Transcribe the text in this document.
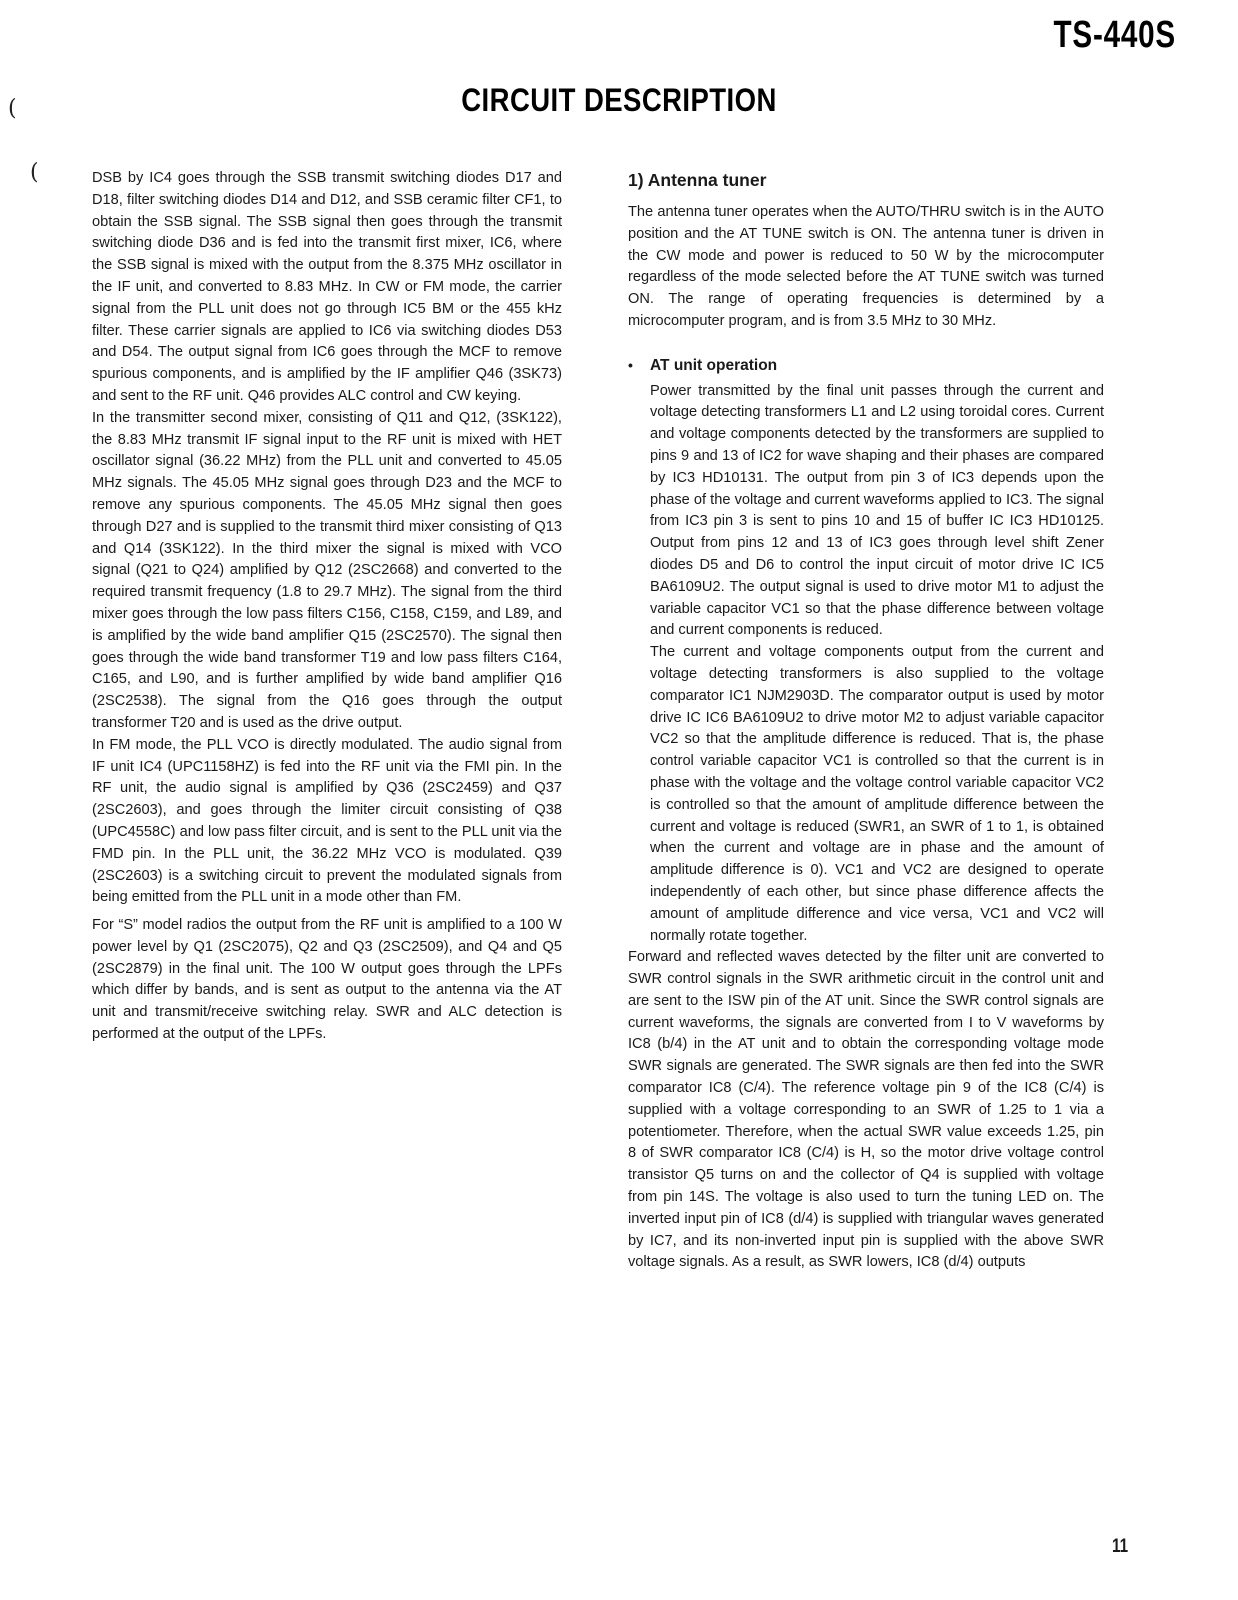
TS-440S
CIRCUIT DESCRIPTION
(
(	DSB by IC4 goes through the SSB transmit switching diodes D17 and D18, filter switching diodes D14 and D12, and SSB ceramic filter CF1, to obtain the SSB signal. The SSB signal then goes through the transmit switching diode D36 and is fed into the transmit first mixer, IC6, where the SSB signal is mixed with the output from the 8.375 MHz oscillator in the IF unit, and converted to 8.83 MHz. In CW or FM mode, the carrier signal from the PLL unit does not go through IC5 BM or the 455 kHz filter. These carrier signals are applied to IC6 via switching diodes D53 and D54. The output signal from IC6 goes through the MCF to remove spurious components, and is amplified by the IF amplifier Q46 (3SK73) and sent to the RF unit. Q46 provides ALC control and CW keying.

In the transmitter second mixer, consisting of Q11 and Q12, (3SK122), the 8.83 MHz transmit IF signal input to the RF unit is mixed with HET oscillator signal (36.22 MHz) from the PLL unit and converted to 45.05 MHz signals. The 45.05 MHz signal goes through D23 and the MCF to remove any spurious components. The 45.05 MHz signal then goes through D27 and is supplied to the transmit third mixer consisting of Q13 and Q14 (3SK122). In the third mixer the signal is mixed with VCO signal (Q21 to Q24) amplified by Q12 (2SC2668) and converted to the required transmit frequency (1.8 to 29.7 MHz). The signal from the third mixer goes through the low pass filters C156, C158, C159, and L89, and is amplified by the wide band amplifier Q15 (2SC2570). The signal then goes through the wide band transformer T19 and low pass filters C164, C165, and L90, and is further amplified by wide band amplifier Q16 (2SC2538). The signal from the Q16 goes through the output transformer T20 and is used as the drive output.

In FM mode, the PLL VCO is directly modulated. The audio signal from IF unit IC4 (UPC1158HZ) is fed into the RF unit via the FMI pin. In the RF unit, the audio signal is amplified by Q36 (2SC2459) and Q37 (2SC2603), and goes through the limiter circuit consisting of Q38 (UPC4558C) and low pass filter circuit, and is sent to the PLL unit via the FMD pin. In the PLL unit, the 36.22 MHz VCO is modulated. Q39 (2SC2603) is a switching circuit to prevent the modulated signals from being emitted from the PLL unit in a mode other than FM.

For “S” model radios the output from the RF unit is amplified to a 100 W power level by Q1 (2SC2075), Q2 and Q3 (2SC2509), and Q4 and Q5 (2SC2879) in the final unit. The 100 W output goes through the LPFs which differ by bands, and is sent as output to the antenna via the AT unit and transmit/receive switching relay. SWR and ALC detection is performed at the output of the LPFs.

1) Antenna tuner

The antenna tuner operates when the AUTO/THRU switch is in the AUTO position and the AT TUNE switch is ON. The antenna tuner is driven in the CW mode and power is reduced to 50 W by the microcomputer regardless of the mode selected before the AT TUNE switch was turned ON. The range of operating frequencies is determined by a microcomputer program, and is from 3.5 MHz to 30 MHz.

•	AT unit operation

Power transmitted by the final unit passes through the current and voltage detecting transformers L1 and L2 using toroidal cores. Current and voltage components detected by the transformers are supplied to pins 9 and 13 of IC2 for wave shaping and their phases are compared by IC3 HD10131. The output from pin 3 of IC3 depends upon the phase of the voltage and current waveforms applied to IC3. The signal from IC3 pin 3 is sent to pins 10 and 15 of buffer IC IC3 HD10125. Output from pins 12 and 13 of IC3 goes through level shift Zener diodes D5 and D6 to control the input circuit of motor drive IC IC5 BA6109U2. The output signal is used to drive motor M1 to adjust the variable capacitor VC1 so that the phase difference between voltage and current components is reduced.

The current and voltage components output from the current and voltage detecting transformers is also supplied to the voltage comparator IC1 NJM2903D. The comparator output is used by motor drive IC IC6 BA6109U2 to drive motor M2 to adjust variable capacitor VC2 so that the amplitude difference is reduced. That is, the phase control variable capacitor VC1 is controlled so that the current is in phase with the voltage and the voltage control variable capacitor VC2 is controlled so that the amount of amplitude difference between the current and voltage is reduced (SWR1, an SWR of 1 to 1, is obtained when the current and voltage are in phase and the amount of amplitude difference is 0). VC1 and VC2 are designed to operate independently of each other, but since phase difference affects the amount of amplitude difference and vice versa, VC1 and VC2 will normally rotate together.

Forward and reflected waves detected by the filter unit are converted to SWR control signals in the SWR arithmetic circuit in the control unit and are sent to the ISW pin of the AT unit. Since the SWR control signals are current waveforms, the signals are converted from I to V waveforms by IC8 (b/4) in the AT unit and to obtain the corresponding voltage mode SWR signals are generated. The SWR signals are then fed into the SWR comparator IC8 (C/4). The reference voltage pin 9 of the IC8 (C/4) is supplied with a voltage corresponding to an SWR of 1.25 to 1 via a potentiometer. Therefore, when the actual SWR value exceeds 1.25, pin 8 of SWR comparator IC8 (C/4) is H, so the motor drive voltage control transistor Q5 turns on and the collector of Q4 is supplied with voltage from pin 14S. The voltage is also used to turn the tuning LED on. The inverted input pin of IC8 (d/4) is supplied with triangular waves generated by IC7, and its non-inverted input pin is supplied with the above SWR voltage signals. As a result, as SWR lowers, IC8 (d/4) outputs

11
